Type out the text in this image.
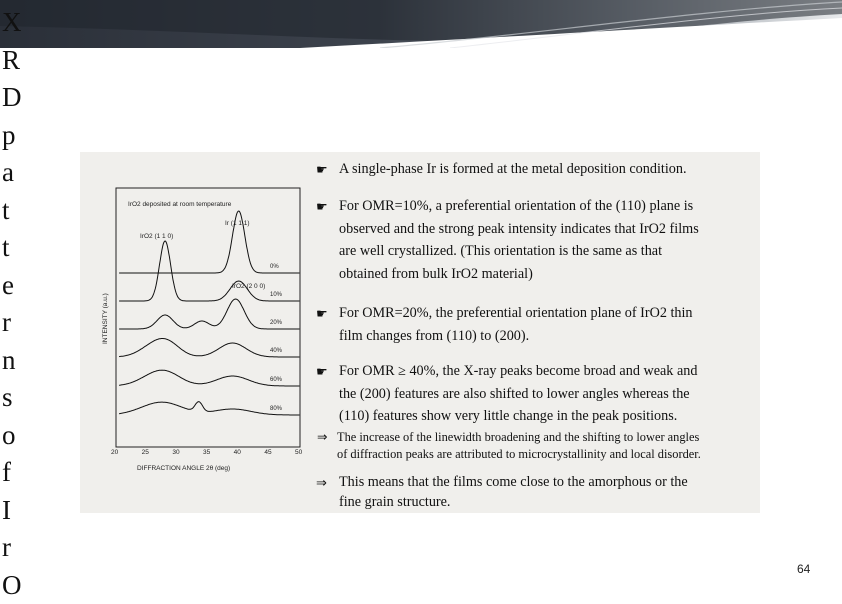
X
R
D
p
a
t
t
e
r
n
s
o
f
I
r
O
IrO2 deposited at room temperature
IrO2 (1 1 0)
Ir (1 1 1)
IrO2 (2 0 0)
INTENSITY (a.u.)
0%
10%
20%
40%
60%
80%
20	25	30	35	40	45	50
DIFFRACTION ANGLE 2θ (deg)
☛ A single-phase Ir is formed at the metal deposition condition.
☛ For OMR=10%, a preferential orientation of the (110) plane is
observed and the strong peak intensity indicates that IrO2 films
are well crystallized. (This orientation is the same as that
obtained from bulk IrO2 material)
☛ For OMR=20%, the preferential orientation plane of IrO2 thin
film changes from (110) to (200).
☛ For OMR ≥ 40%, the X-ray peaks become broad and weak and
the (200) features are also shifted to lower angles whereas the
(110) features show very little change in the peak positions.
⇒ The increase of the linewidth broadening and the shifting to lower angles
of diffraction peaks are attributed to microcrystallinity and local disorder.
⇒ This means that the films come close to the amorphous or the
fine grain structure.
64
